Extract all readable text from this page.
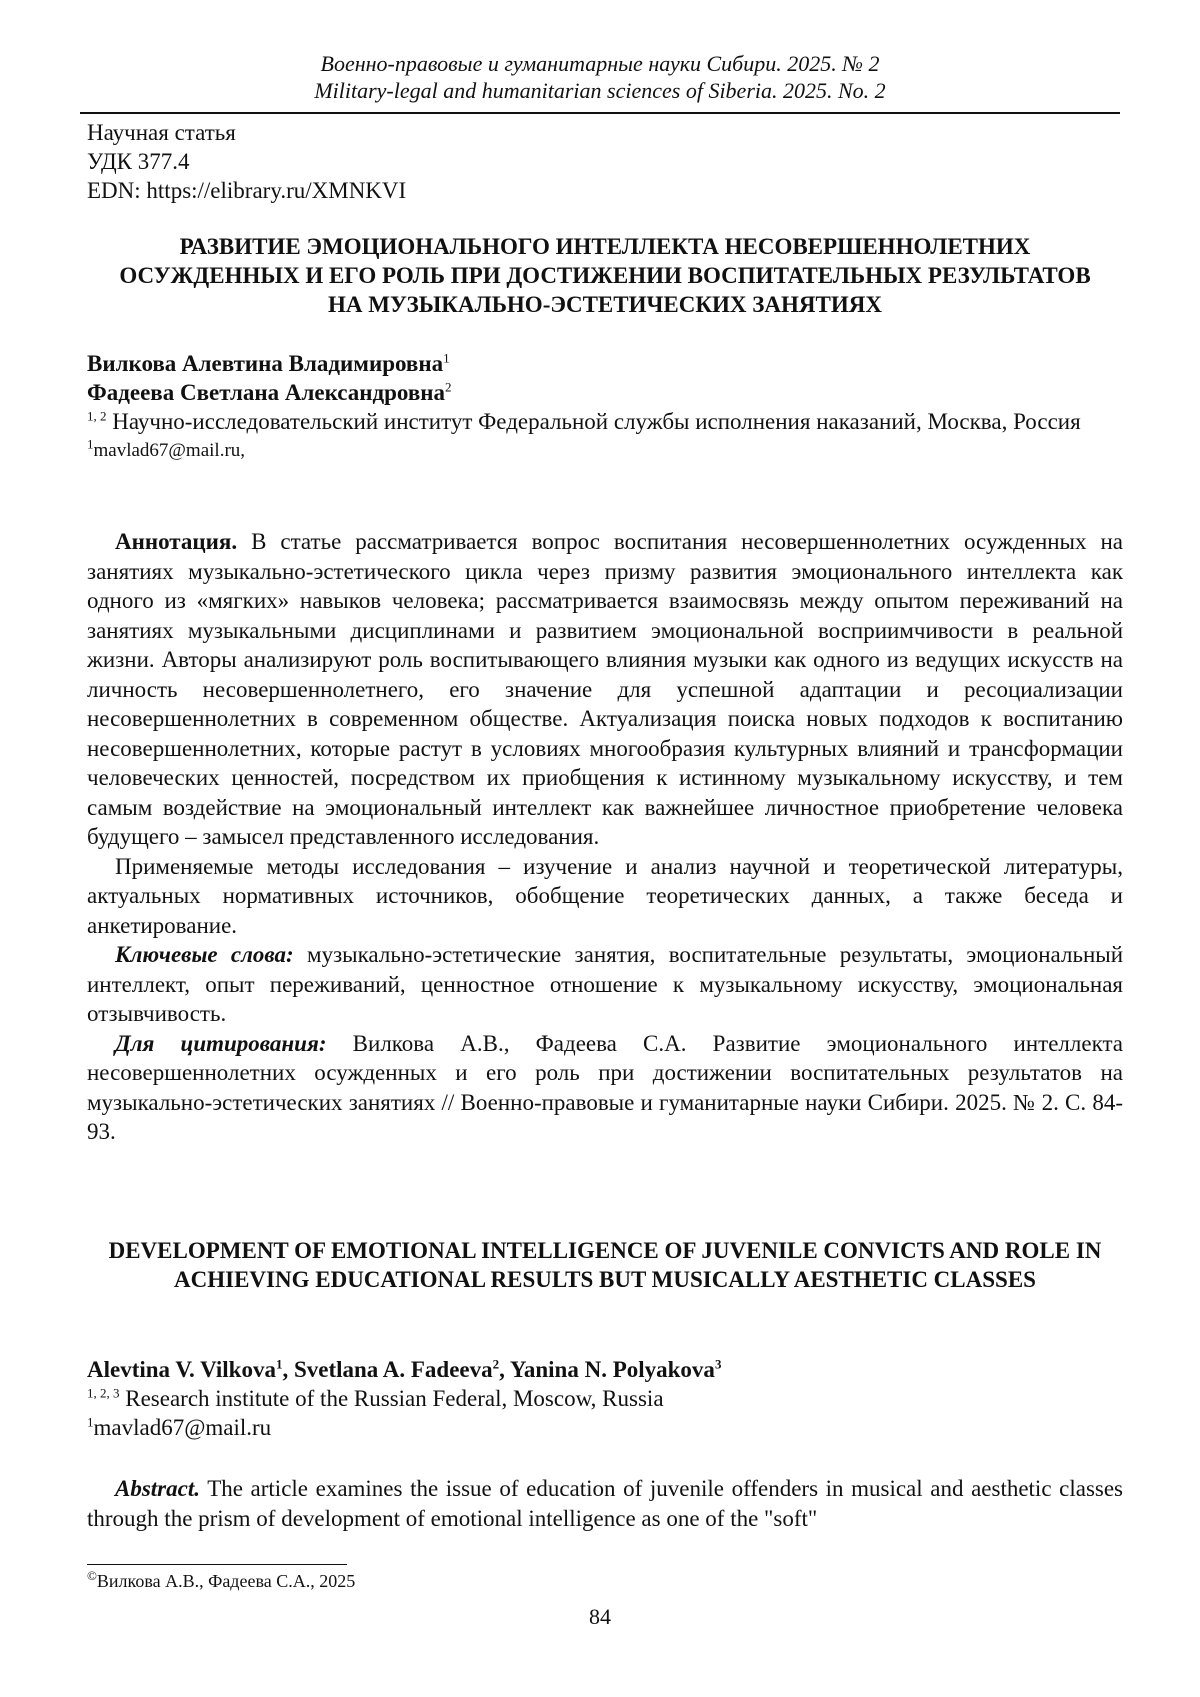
Военно-правовые и гуманитарные науки Сибири. 2025. № 2
Military-legal and humanitarian sciences of Siberia. 2025. No. 2
Научная статья
УДК 377.4
EDN: https://elibrary.ru/XMNKVI
РАЗВИТИЕ ЭМОЦИОНАЛЬНОГО ИНТЕЛЛЕКТА НЕСОВЕРШЕННОЛЕТНИХ ОСУЖДЕННЫХ И ЕГО РОЛЬ ПРИ ДОСТИЖЕНИИ ВОСПИТАТЕЛЬНЫХ РЕЗУЛЬТАТОВ НА МУЗЫКАЛЬНО-ЭСТЕТИЧЕСКИХ ЗАНЯТИЯХ
Вилкова Алевтина Владимировна$^1$
Фадеева Светлана Александровна$^2$
$^{1, 2}$ Научно-исследовательский институт Федеральной службы исполнения наказаний, Москва, Россия
$^1$mavlad67@mail.ru,

Аннотация. В статье рассматривается вопрос воспитания несовершеннолетних осужденных на занятиях музыкально-эстетического цикла через призму развития эмоционального интеллекта как одного из «мягких» навыков человека; рассматривается взаимосвязь между опытом переживаний на занятиях музыкальными дисциплинами и развитием эмоциональной восприимчивости в реальной жизни. Авторы анализируют роль воспитывающего влияния музыки как одного из ведущих искусств на личность несовершеннолетнего, его значение для успешной адаптации и ресоциализации несовершеннолетних в современном обществе. Актуализация поиска новых подходов к воспитанию несовершеннолетних, которые растут в условиях многообразия культурных влияний и трансформации человеческих ценностей, посредством их приобщения к истинному музыкальному искусству, и тем самым воздействие на эмоциональный интеллект как важнейшее личностное приобретение человека будущего – замысел представленного исследования.

Применяемые методы исследования – изучение и анализ научной и теоретической литературы, актуальных нормативных источников, обобщение теоретических данных, а также беседа и анкетирование.

Ключевые слова: музыкально-эстетические занятия, воспитательные результаты, эмоциональный интеллект, опыт переживаний, ценностное отношение к музыкальному искусству, эмоциональная отзывчивость.

Для цитирования: Вилкова А.В., Фадеева С.А. Развитие эмоционального интеллекта несовершеннолетних осужденных и его роль при достижении воспитательных результатов на музыкально-эстетических занятиях // Военно-правовые и гуманитарные науки Сибири. 2025. № 2. С. 84-93.

DEVELOPMENT OF EMOTIONAL INTELLIGENCE OF JUVENILE CONVICTS AND ROLE IN ACHIEVING EDUCATIONAL RESULTS BUT MUSICALLY AESTHETIC CLASSES
Alevtina V. Vilkova$^1$, Svetlana A. Fadeeva$^2$, Yanina N. Polyakova$^3$
$^{1, 2, 3}$ Research institute of the Russian Federal, Moscow, Russia
$^1$mavlad67@mail.ru

Abstract. The article examines the issue of education of juvenile offenders in musical and aesthetic classes through the prism of development of emotional intelligence as one of the "soft"

©Вилкова А.В., Фадеева С.А., 2025
84
